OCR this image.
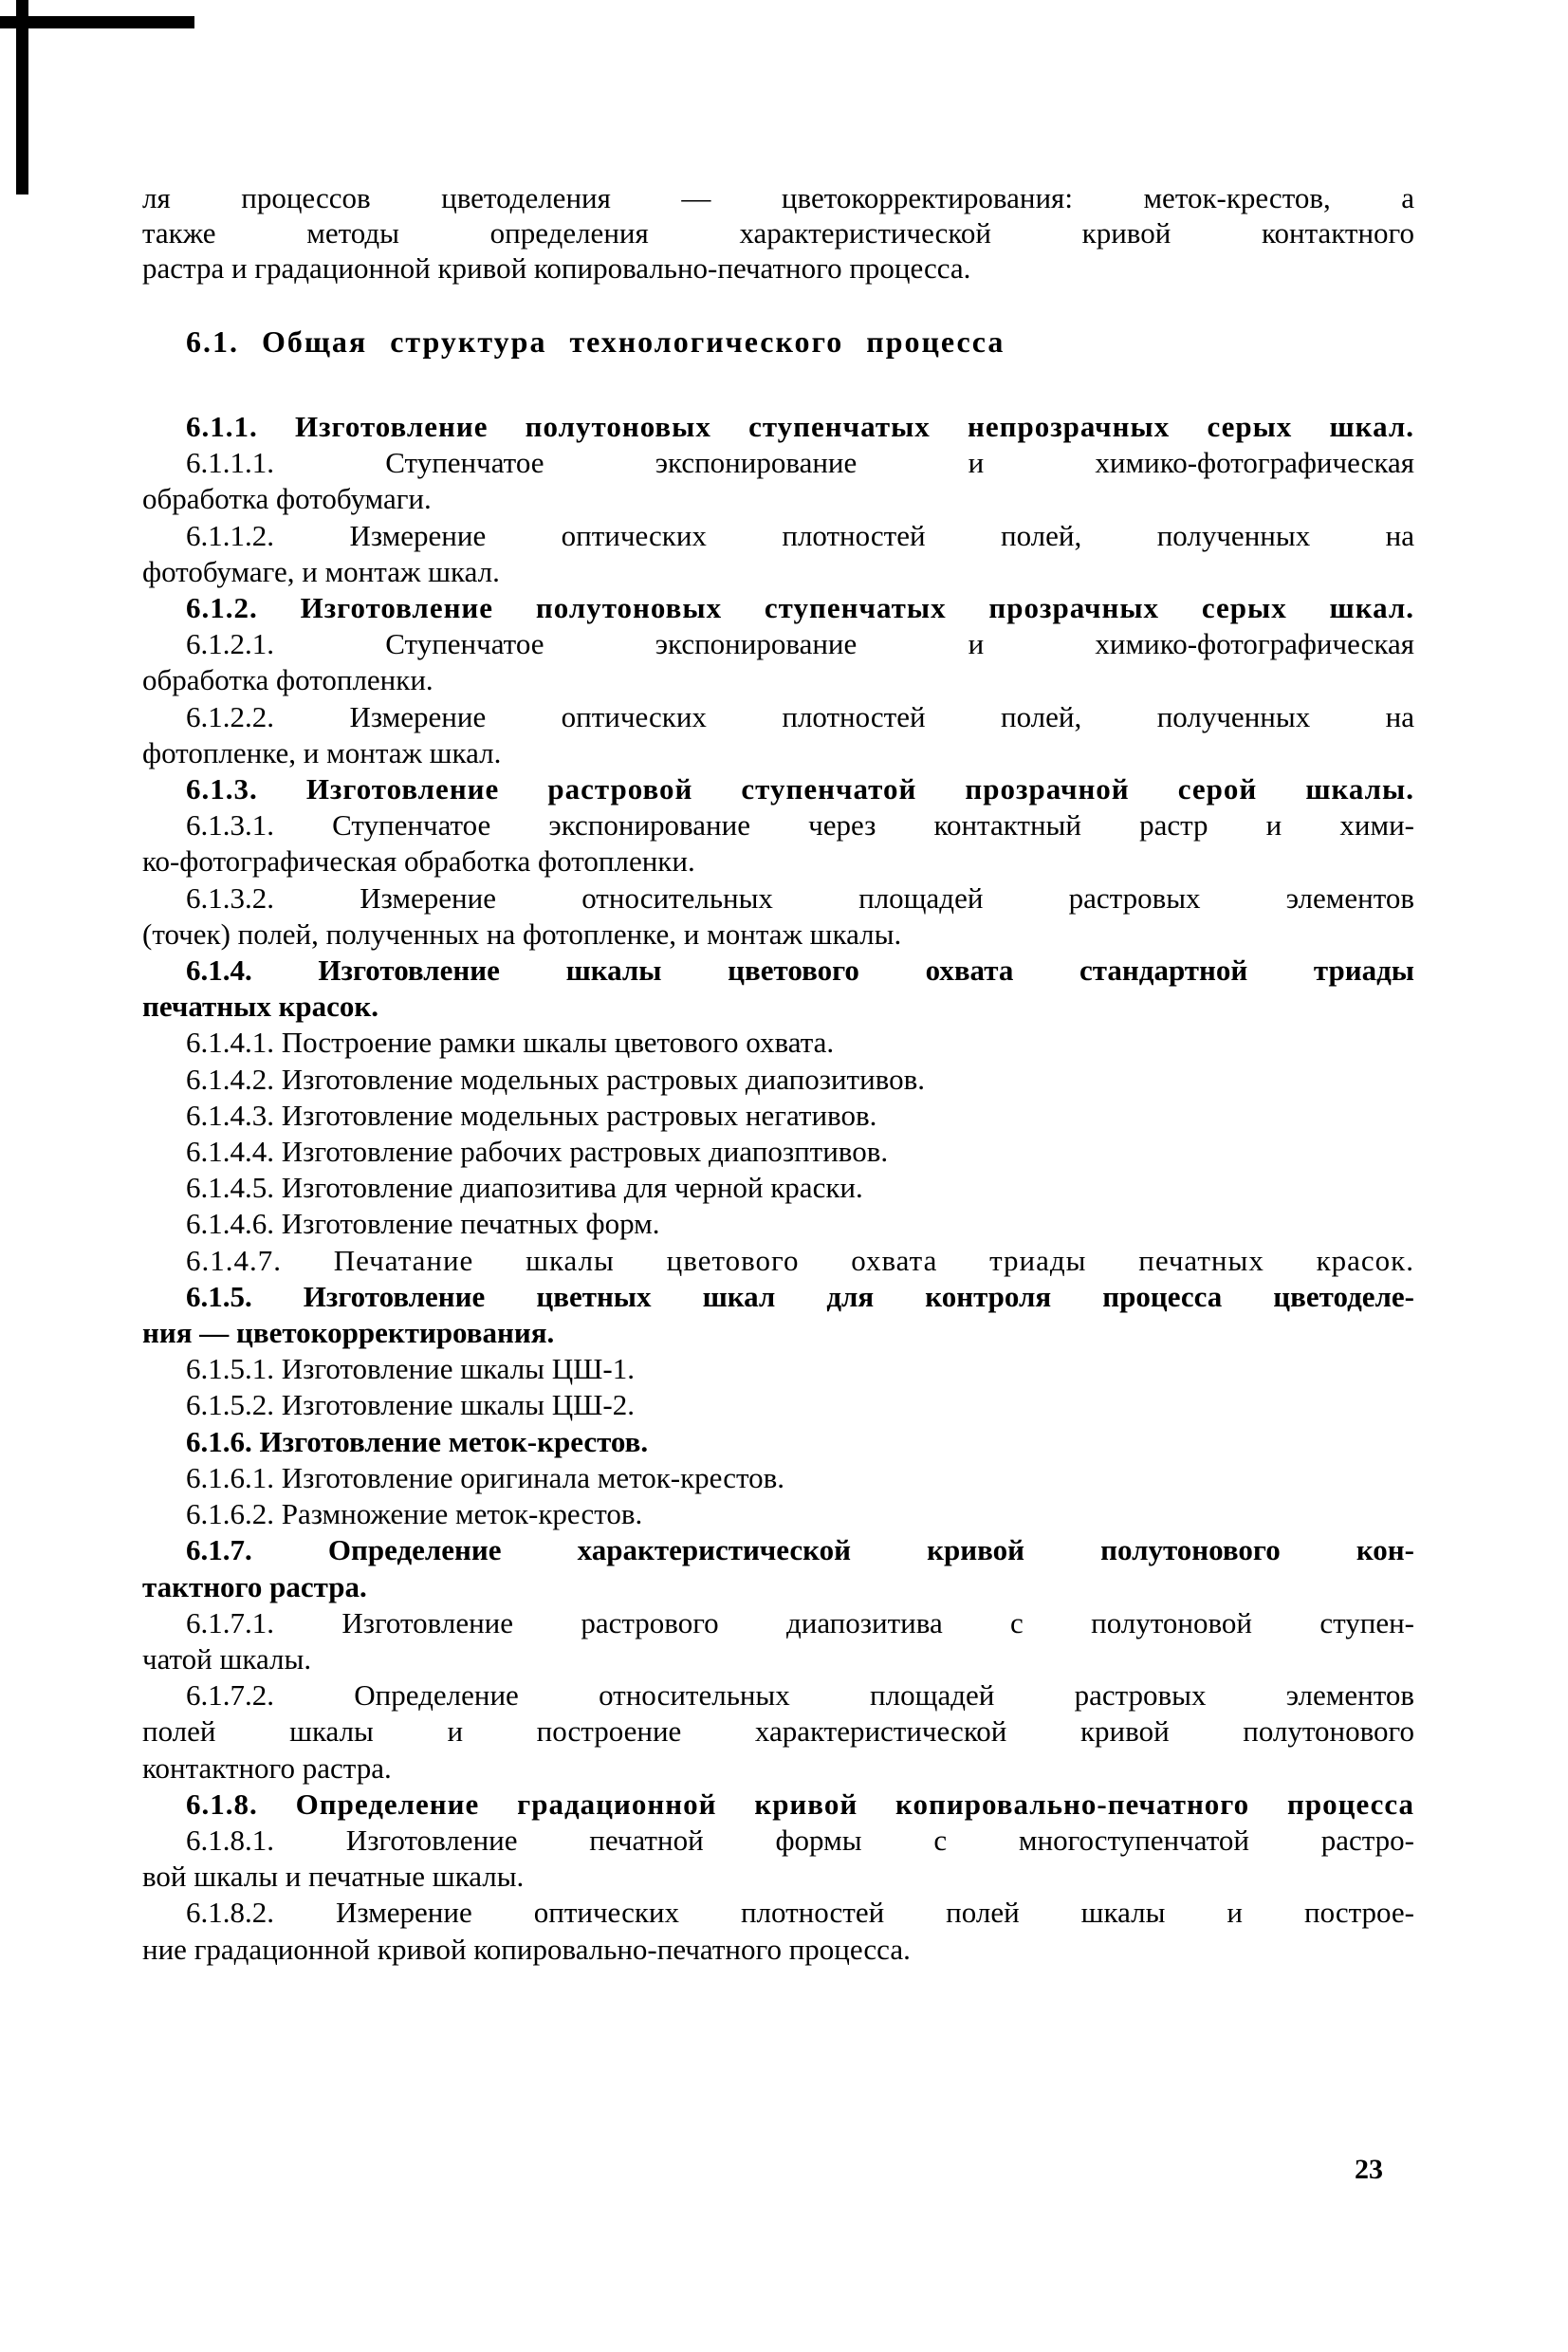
ля процессов цветоделения — цветокорректирования: меток-крестов, а
также методы определения характеристической кривой контактного
растра и градационной кривой копировально-печатного процесса.
6.1. Общая структура технологического процесса
6.1.1. Изготовление полутоновых ступенчатых непрозрачных серых шкал.
6.1.1.1. Ступенчатое экспонирование и химико-фотографическая
обработка фотобумаги.
6.1.1.2. Измерение оптических плотностей полей, полученных на
фотобумаге, и монтаж шкал.
6.1.2. Изготовление полутоновых ступенчатых прозрачных серых шкал.
6.1.2.1. Ступенчатое экспонирование и химико-фотографическая
обработка фотопленки.
6.1.2.2. Измерение оптических плотностей полей, полученных на
фотопленке, и монтаж шкал.
6.1.3. Изготовление растровой ступенчатой прозрачной серой шкалы.
6.1.3.1. Ступенчатое экспонирование через контактный растр и хими-
ко-фотографическая обработка фотопленки.
6.1.3.2. Измерение относительных площадей растровых элементов
(точек) полей, полученных на фотопленке, и монтаж шкалы.
6.1.4. Изготовление шкалы цветового охвата стандартной триады
печатных красок.
6.1.4.1. Построение рамки шкалы цветового охвата.
6.1.4.2. Изготовление модельных растровых диапозитивов.
6.1.4.3. Изготовление модельных растровых негативов.
6.1.4.4. Изготовление рабочих растровых диапозптивов.
6.1.4.5. Изготовление диапозитива для черной краски.
6.1.4.6. Изготовление печатных форм.
6.1.4.7. Печатание шкалы цветового охвата триады печатных красок.
6.1.5. Изготовление цветных шкал для контроля процесса цветоделе-
ния — цветокорректирования.
6.1.5.1. Изготовление шкалы ЦШ-1.
6.1.5.2. Изготовление шкалы ЦШ-2.
6.1.6. Изготовление меток-крестов.
6.1.6.1. Изготовление оригинала меток-крестов.
6.1.6.2. Размножение меток-крестов.
6.1.7. Определение характеристической кривой полутонового кон-
тактного растра.
6.1.7.1. Изготовление растрового диапозитива с полутоновой ступен-
чатой шкалы.
6.1.7.2. Определение относительных площадей растровых элементов
полей шкалы и построение характеристической кривой полутонового
контактного растра.
6.1.8. Определение градационной кривой копировально-печатного процесса
6.1.8.1. Изготовление печатной формы с многоступенчатой растро-
вой шкалы и печатные шкалы.
6.1.8.2. Измерение оптических плотностей полей шкалы и построе-
ние градационной кривой копировально-печатного процесса.
23
